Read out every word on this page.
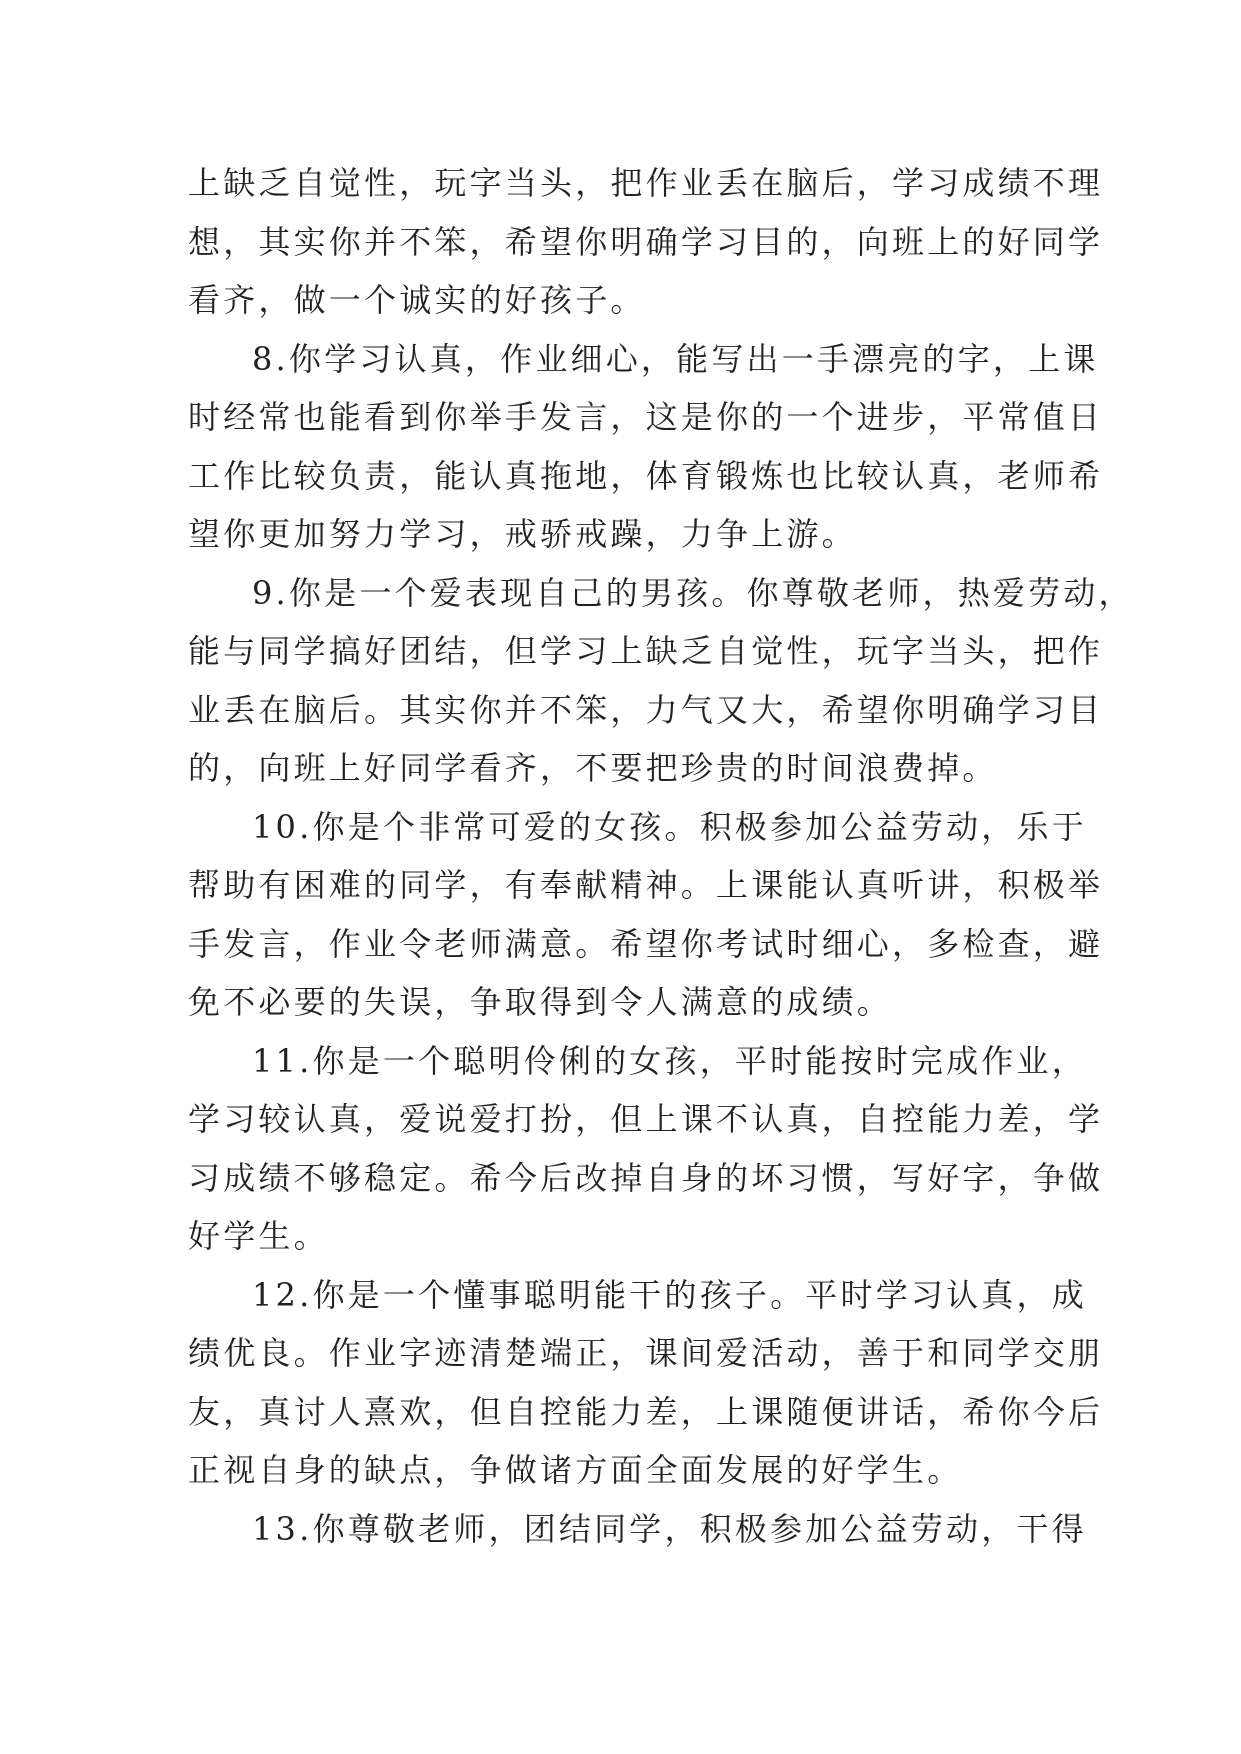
上缺乏自觉性，玩字当头，把作业丢在脑后，学习成绩不理
想，其实你并不笨，希望你明确学习目的，向班上的好同学
看齐，做一个诚实的好孩子。
8.你学习认真，作业细心，能写出一手漂亮的字，上课
时经常也能看到你举手发言，这是你的一个进步，平常值日
工作比较负责，能认真拖地，体育锻炼也比较认真，老师希
望你更加努力学习，戒骄戒躁，力争上游。
9.你是一个爱表现自己的男孩。你尊敬老师，热爱劳动，
能与同学搞好团结，但学习上缺乏自觉性，玩字当头，把作
业丢在脑后。其实你并不笨，力气又大，希望你明确学习目
的，向班上好同学看齐，不要把珍贵的时间浪费掉。
10.你是个非常可爱的女孩。积极参加公益劳动，乐于
帮助有困难的同学，有奉献精神。上课能认真听讲，积极举
手发言，作业令老师满意。希望你考试时细心，多检查，避
免不必要的失误，争取得到令人满意的成绩。
11.你是一个聪明伶俐的女孩，平时能按时完成作业，
学习较认真，爱说爱打扮，但上课不认真，自控能力差，学
习成绩不够稳定。希今后改掉自身的坏习惯，写好字，争做
好学生。
12.你是一个懂事聪明能干的孩子。平时学习认真，成
绩优良。作业字迹清楚端正，课间爱活动，善于和同学交朋
友，真讨人熹欢，但自控能力差，上课随便讲话，希你今后
正视自身的缺点，争做诸方面全面发展的好学生。
13.你尊敬老师，团结同学，积极参加公益劳动，干得
